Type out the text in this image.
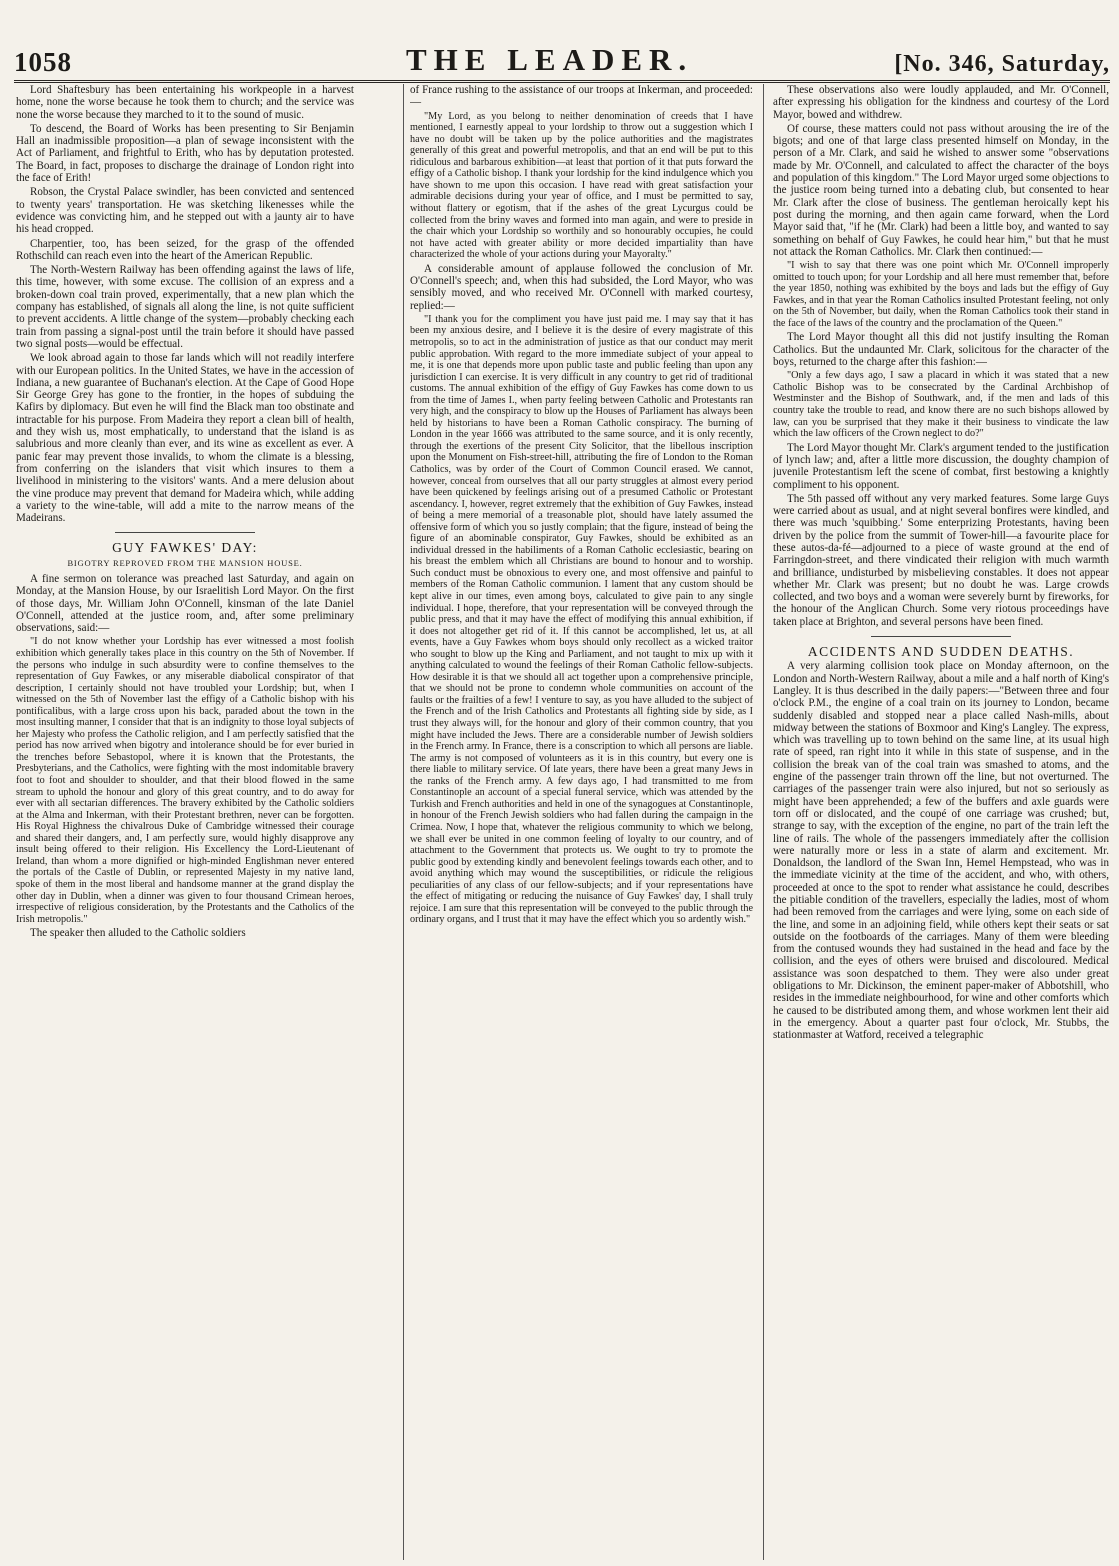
1058	THE LEADER.	[No. 346, Saturday,

Lord Shaftesbury has been entertaining his workpeople in a harvest home, none the worse because he took them to church; and the service was none the worse because they marched to it to the sound of music.

To descend, the Board of Works has been presenting to Sir Benjamin Hall an inadmissible proposition—a plan of sewage inconsistent with the Act of Parliament, and frightful to Erith, who has by deputation protested. The Board, in fact, proposes to discharge the drainage of London right into the face of Erith!

Robson, the Crystal Palace swindler, has been convicted and sentenced to twenty years' transportation. He was sketching likenesses while the evidence was convicting him, and he stepped out with a jaunty air to have his head cropped.

Charpentier, too, has been seized, for the grasp of the offended Rothschild can reach even into the heart of the American Republic.

The North-Western Railway has been offending against the laws of life, this time, however, with some excuse. The collision of an express and a broken-down coal train proved, experimentally, that a new plan which the company has established, of signals all along the line, is not quite sufficient to prevent accidents. A little change of the system—probably checking each train from passing a signal-post until the train before it should have passed two signal posts—would be effectual.

We look abroad again to those far lands which will not readily interfere with our European politics. In the United States, we have in the accession of Indiana, a new guarantee of Buchanan's election. At the Cape of Good Hope Sir George Grey has gone to the frontier, in the hopes of subduing the Kafirs by diplomacy. But even he will find the Black man too obstinate and intractable for his purpose. From Madeira they report a clean bill of health, and they wish us, most emphatically, to understand that the island is as salubrious and more cleanly than ever, and its wine as excellent as ever. A panic fear may prevent those invalids, to whom the climate is a blessing, from conferring on the islanders that visit which insures to them a livelihood in ministering to the visitors' wants. And a mere delusion about the vine produce may prevent that demand for Madeira which, while adding a variety to the wine-table, will add a mite to the narrow means of the Madeirans.

GUY FAWKES' DAY:
BIGOTRY REPROVED FROM THE MANSION HOUSE.

A fine sermon on tolerance was preached last Saturday, and again on Monday, at the Mansion House, by our Israelitish Lord Mayor. On the first of those days, Mr. William John O'Connell, kinsman of the late Daniel O'Connell, attended at the justice room, and, after some preliminary observations, said:—

"I do not know whether your Lordship has ever witnessed a most foolish exhibition which generally takes place in this country on the 5th of November. If the persons who indulge in such absurdity were to confine themselves to the representation of Guy Fawkes, or any miserable diabolical conspirator of that description, I certainly should not have troubled your Lordship; but, when I witnessed on the 5th of November last the effigy of a Catholic bishop with his pontificalibus, with a large cross upon his back, paraded about the town in the most insulting manner, I consider that that is an indignity to those loyal subjects of her Majesty who profess the Catholic religion, and I am perfectly satisfied that the period has now arrived when bigotry and intolerance should be for ever buried in the trenches before Sebastopol, where it is known that the Protestants, the Presbyterians, and the Catholics, were fighting with the most indomitable bravery foot to foot and shoulder to shoulder, and that their blood flowed in the same stream to uphold the honour and glory of this great country, and to do away for ever with all sectarian differences. The bravery exhibited by the Catholic soldiers at the Alma and Inkerman, with their Protestant brethren, never can be forgotten. His Royal Highness the chivalrous Duke of Cambridge witnessed their courage and shared their dangers, and, I am perfectly sure, would highly disapprove any insult being offered to their religion. His Excellency the Lord-Lieutenant of Ireland, than whom a more dignified or high-minded Englishman never entered the portals of the Castle of Dublin, or represented Majesty in my native land, spoke of them in the most liberal and handsome manner at the grand display the other day in Dublin, when a dinner was given to four thousand Crimean heroes, irrespective of religious consideration, by the Protestants and the Catholics of the Irish metropolis."

The speaker then alluded to the Catholic soldiers

of France rushing to the assistance of our troops at Inkerman, and proceeded:—

"My Lord, as you belong to neither denomination of creeds that I have mentioned, I earnestly appeal to your lordship to throw out a suggestion which I have no doubt will be taken up by the police authorities and the magistrates generally of this great and powerful metropolis, and that an end will be put to this ridiculous and barbarous exhibition—at least that portion of it that puts forward the effigy of a Catholic bishop. I thank your lordship for the kind indulgence which you have shown to me upon this occasion. I have read with great satisfaction your admirable decisions during your year of office, and I must be permitted to say, without flattery or egotism, that if the ashes of the great Lycurgus could be collected from the briny waves and formed into man again, and were to preside in the chair which your Lordship so worthily and so honourably occupies, he could not have acted with greater ability or more decided impartiality than have characterized the whole of your actions during your Mayoralty."

A considerable amount of applause followed the conclusion of Mr. O'Connell's speech; and, when this had subsided, the Lord Mayor, who was sensibly moved, and who received Mr. O'Connell with marked courtesy, replied:—

"I thank you for the compliment you have just paid me. I may say that it has been my anxious desire, and I believe it is the desire of every magistrate of this metropolis, so to act in the administration of justice as that our conduct may merit public approbation. With regard to the more immediate subject of your appeal to me, it is one that depends more upon public taste and public feeling than upon any jurisdiction I can exercise. It is very difficult in any country to get rid of traditional customs. The annual exhibition of the effigy of Guy Fawkes has come down to us from the time of James I., when party feeling between Catholic and Protestants ran very high, and the conspiracy to blow up the Houses of Parliament has always been held by historians to have been a Roman Catholic conspiracy. The burning of London in the year 1666 was attributed to the same source, and it is only recently, through the exertions of the present City Solicitor, that the libellous inscription upon the Monument on Fish-street-hill, attributing the fire of London to the Roman Catholics, was by order of the Court of Common Council erased. We cannot, however, conceal from ourselves that all our party struggles at almost every period have been quickened by feelings arising out of a presumed Catholic or Protestant ascendancy. I, however, regret extremely that the exhibition of Guy Fawkes, instead of being a mere memorial of a treasonable plot, should have lately assumed the offensive form of which you so justly complain; that the figure, instead of being the figure of an abominable conspirator, Guy Fawkes, should be exhibited as an individual dressed in the habiliments of a Roman Catholic ecclesiastic, bearing on his breast the emblem which all Christians are bound to honour and to worship. Such conduct must be obnoxious to every one, and most offensive and painful to members of the Roman Catholic communion. I lament that any custom should be kept alive in our times, even among boys, calculated to give pain to any single individual. I hope, therefore, that your representation will be conveyed through the public press, and that it may have the effect of modifying this annual exhibition, if it does not altogether get rid of it. If this cannot be accomplished, let us, at all events, have a Guy Fawkes whom boys should only recollect as a wicked traitor who sought to blow up the King and Parliament, and not taught to mix up with it anything calculated to wound the feelings of their Roman Catholic fellow-subjects. How desirable it is that we should all act together upon a comprehensive principle, that we should not be prone to condemn whole communities on account of the faults or the frailties of a few! I venture to say, as you have alluded to the subject of the French and of the Irish Catholics and Protestants all fighting side by side, as I trust they always will, for the honour and glory of their common country, that you might have included the Jews. There are a considerable number of Jewish soldiers in the French army. In France, there is a conscription to which all persons are liable. The army is not composed of volunteers as it is in this country, but every one is there liable to military service. Of late years, there have been a great many Jews in the ranks of the French army. A few days ago, I had transmitted to me from Constantinople an account of a special funeral service, which was attended by the Turkish and French authorities and held in one of the synagogues at Constantinople, in honour of the French Jewish soldiers who had fallen during the campaign in the Crimea. Now, I hope that, whatever the religious community to which we belong, we shall ever be united in one common feeling of loyalty to our country, and of attachment to the Government that protects us. We ought to try to promote the public good by extending kindly and benevolent feelings towards each other, and to avoid anything which may wound the susceptibilities, or ridicule the religious peculiarities of any class of our fellow-subjects; and if your representations have the effect of mitigating or reducing the nuisance of Guy Fawkes' day, I shall truly rejoice. I am sure that this representation will be conveyed to the public through the ordinary organs, and I trust that it may have the effect which you so ardently wish."

These observations also were loudly applauded, and Mr. O'Connell, after expressing his obligation for the kindness and courtesy of the Lord Mayor, bowed and withdrew.

Of course, these matters could not pass without arousing the ire of the bigots; and one of that large class presented himself on Monday, in the person of a Mr. Clark, and said he wished to answer some "observations made by Mr. O'Connell, and calculated to affect the character of the boys and population of this kingdom." The Lord Mayor urged some objections to the justice room being turned into a debating club, but consented to hear Mr. Clark after the close of business. The gentleman heroically kept his post during the morning, and then again came forward, when the Lord Mayor said that, "if he (Mr. Clark) had been a little boy, and wanted to say something on behalf of Guy Fawkes, he could hear him," but that he must not attack the Roman Catholics. Mr. Clark then continued:—

"I wish to say that there was one point which Mr. O'Connell improperly omitted to touch upon; for your Lordship and all here must remember that, before the year 1850, nothing was exhibited by the boys and lads but the effigy of Guy Fawkes, and in that year the Roman Catholics insulted Protestant feeling, not only on the 5th of November, but daily, when the Roman Catholics took their stand in the face of the laws of the country and the proclamation of the Queen."

The Lord Mayor thought all this did not justify insulting the Roman Catholics. But the undaunted Mr. Clark, solicitous for the character of the boys, returned to the charge after this fashion:—

"Only a few days ago, I saw a placard in which it was stated that a new Catholic Bishop was to be consecrated by the Cardinal Archbishop of Westminster and the Bishop of Southwark, and, if the men and lads of this country take the trouble to read, and know there are no such bishops allowed by law, can you be surprised that they make it their business to vindicate the law which the law officers of the Crown neglect to do?"

The Lord Mayor thought Mr. Clark's argument tended to the justification of lynch law; and, after a little more discussion, the doughty champion of juvenile Protestantism left the scene of combat, first bestowing a knightly compliment to his opponent.

The 5th passed off without any very marked features. Some large Guys were carried about as usual, and at night several bonfires were kindled, and there was much 'squibbing.' Some enterprizing Protestants, having been driven by the police from the summit of Tower-hill—a favourite place for these autos-da-fé—adjourned to a piece of waste ground at the end of Farringdon-street, and there vindicated their religion with much warmth and brilliance, undisturbed by misbelieving constables. It does not appear whether Mr. Clark was present; but no doubt he was. Large crowds collected, and two boys and a woman were severely burnt by fireworks, for the honour of the Anglican Church. Some very riotous proceedings have taken place at Brighton, and several persons have been fined.

ACCIDENTS AND SUDDEN DEATHS.

A very alarming collision took place on Monday afternoon, on the London and North-Western Railway, about a mile and a half north of King's Langley. It is thus described in the daily papers:—"Between three and four o'clock P.M., the engine of a coal train on its journey to London, became suddenly disabled and stopped near a place called Nash-mills, about midway between the stations of Boxmoor and King's Langley. The express, which was travelling up to town behind on the same line, at its usual high rate of speed, ran right into it while in this state of suspense, and in the collision the break van of the coal train was smashed to atoms, and the engine of the passenger train thrown off the line, but not overturned. The carriages of the passenger train were also injured, but not so seriously as might have been apprehended; a few of the buffers and axle guards were torn off or dislocated, and the coupé of one carriage was crushed; but, strange to say, with the exception of the engine, no part of the train left the line of rails. The whole of the passengers immediately after the collision were naturally more or less in a state of alarm and excitement. Mr. Donaldson, the landlord of the Swan Inn, Hemel Hempstead, who was in the immediate vicinity at the time of the accident, and who, with others, proceeded at once to the spot to render what assistance he could, describes the pitiable condition of the travellers, especially the ladies, most of whom had been removed from the carriages and were lying, some on each side of the line, and some in an adjoining field, while others kept their seats or sat outside on the footboards of the carriages. Many of them were bleeding from the contused wounds they had sustained in the head and face by the collision, and the eyes of others were bruised and discoloured. Medical assistance was soon despatched to them. They were also under great obligations to Mr. Dickinson, the eminent paper-maker of Abbotshill, who resides in the immediate neighbourhood, for wine and other comforts which he caused to be distributed among them, and whose workmen lent their aid in the emergency. About a quarter past four o'clock, Mr. Stubbs, the stationmaster at Watford, received a telegraphic
